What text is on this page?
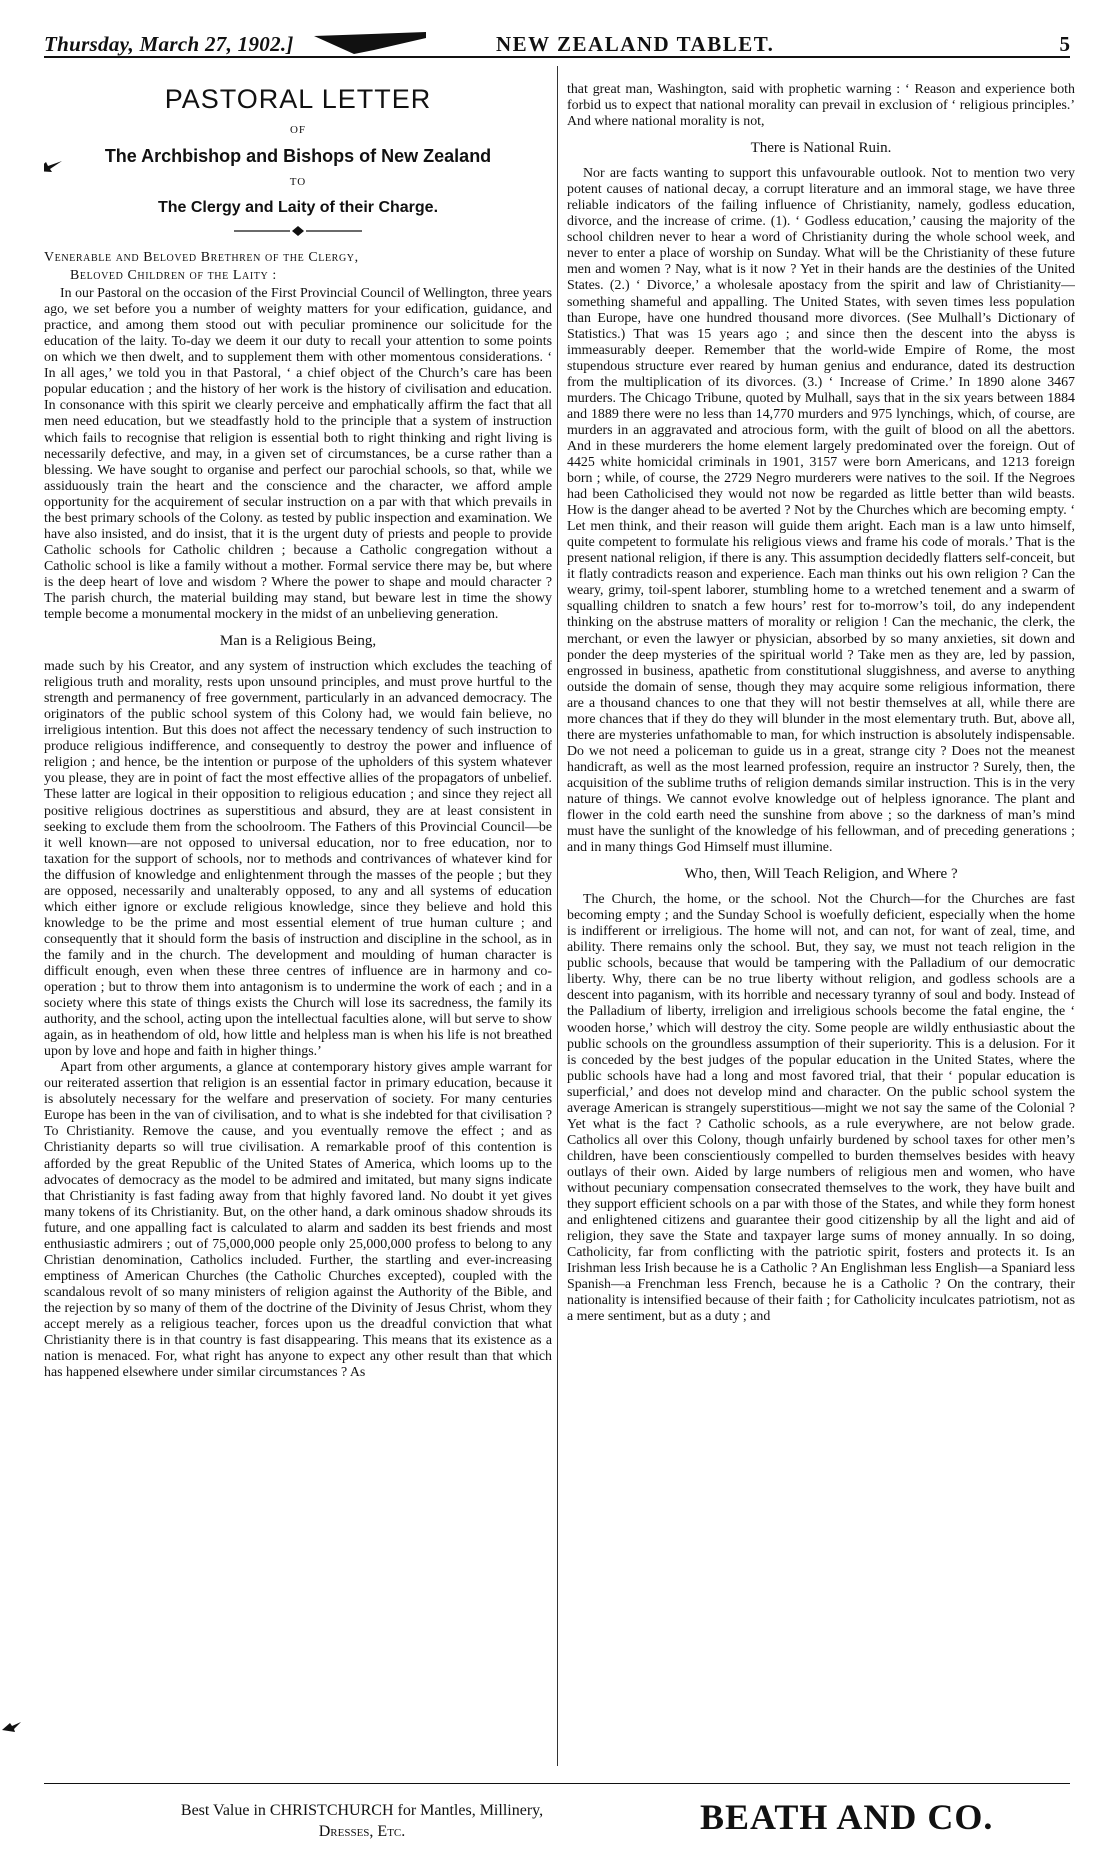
Thursday, March 27, 1902.]	NEW ZEALAND TABLET.	5
PASTORAL LETTER
OF
The Archbishop and Bishops of New Zealand
TO
The Clergy and Laity of their Charge.

Venerable and Beloved Brethren of the Clergy,

Beloved Children of the Laity :

In our Pastoral on the occasion of the First Provincial Council of Wellington, three years ago, we set before you a number of weighty matters for your edification, guidance, and practice, and among them stood out with peculiar prominence our solicitude for the education of the laity. To-day we deem it our duty to recall your attention to some points on which we then dwelt, and to supplement them with other momentous considerations. ‘ In all ages,’ we told you in that Pastoral, ‘ a chief object of the Church’s care has been popular education ; and the history of her work is the history of civilisation and education. In consonance with this spirit we clearly perceive and emphatically affirm the fact that all men need education, but we steadfastly hold to the principle that a system of instruction which fails to recognise that religion is essential both to right thinking and right living is necessarily defective, and may, in a given set of circumstances, be a curse rather than a blessing. We have sought to organise and perfect our parochial schools, so that, while we assiduously train the heart and the conscience and the character, we afford ample opportunity for the acquirement of secular instruction on a par with that which prevails in the best primary schools of the Colony. as tested by public inspection and examination. We have also insisted, and do insist, that it is the urgent duty of priests and people to provide Catholic schools for Catholic children ; because a Catholic congregation without a Catholic school is like a family without a mother. Formal service there may be, but where is the deep heart of love and wisdom ? Where the power to shape and mould character ? The parish church, the material building may stand, but beware lest in time the showy temple become a monumental mockery in the midst of an unbelieving generation.

Man is a Religious Being,

made such by his Creator, and any system of instruction which excludes the teaching of religious truth and morality, rests upon unsound principles, and must prove hurtful to the strength and permanency of free government, particularly in an advanced democracy. The originators of the public school system of this Colony had, we would fain believe, no irreligious intention. But this does not affect the necessary tendency of such instruction to produce religious indifference, and consequently to destroy the power and influence of religion ; and hence, be the intention or purpose of the upholders of this system whatever you please, they are in point of fact the most effective allies of the propagators of unbelief. These latter are logical in their opposition to religious education ; and since they reject all positive religious doctrines as superstitious and absurd, they are at least consistent in seeking to exclude them from the schoolroom. The Fathers of this Provincial Council—be it well known—are not opposed to universal education, nor to free education, nor to taxation for the support of schools, nor to methods and contrivances of whatever kind for the diffusion of knowledge and enlightenment through the masses of the people ; but they are opposed, necessarily and unalterably opposed, to any and all systems of education which either ignore or exclude religious knowledge, since they believe and hold this knowledge to be the prime and most essential element of true human culture ; and consequently that it should form the basis of instruction and discipline in the school, as in the family and in the church. The development and moulding of human character is difficult enough, even when these three centres of influence are in harmony and co-operation ; but to throw them into antagonism is to undermine the work of each ; and in a society where this state of things exists the Church will lose its sacredness, the family its authority, and the school, acting upon the intellectual faculties alone, will but serve to show again, as in heathendom of old, how little and helpless man is when his life is not breathed upon by love and hope and faith in higher things.’

Apart from other arguments, a glance at contemporary history gives ample warrant for our reiterated assertion that religion is an essential factor in primary education, because it is absolutely necessary for the welfare and preservation of society. For many centuries Europe has been in the van of civilisation, and to what is she indebted for that civilisation ? To Christianity. Remove the cause, and you eventually remove the effect ; and as Christianity departs so will true civilisation. A remarkable proof of this contention is afforded by the great Republic of the United States of America, which looms up to the advocates of democracy as the model to be admired and imitated, but many signs indicate that Christianity is fast fading away from that highly favored land. No doubt it yet gives many tokens of its Christianity. But, on the other hand, a dark ominous shadow shrouds its future, and one appalling fact is calculated to alarm and sadden its best friends and most enthusiastic admirers ; out of 75,000,000 people only 25,000,000 profess to belong to any Christian denomination, Catholics included. Further, the startling and ever-increasing emptiness of American Churches (the Catholic Churches excepted), coupled with the scandalous revolt of so many ministers of religion against the Authority of the Bible, and the rejection by so many of them of the doctrine of the Divinity of Jesus Christ, whom they accept merely as a religious teacher, forces upon us the dreadful conviction that what Christianity there is in that country is fast disappearing. This means that its existence as a nation is menaced. For, what right has anyone to expect any other result than that which has happened elsewhere under similar circumstances ? As

that great man, Washington, said with prophetic warning : ‘ Reason and experience both forbid us to expect that national morality can prevail in exclusion of ‘ religious principles.’ And where national morality is not,

There is National Ruin.

Nor are facts wanting to support this unfavourable outlook. Not to mention two very potent causes of national decay, a corrupt literature and an immoral stage, we have three reliable indicators of the failing influence of Christianity, namely, godless education, divorce, and the increase of crime. (1). ‘ Godless education,’ causing the majority of the school children never to hear a word of Christianity during the whole school week, and never to enter a place of worship on Sunday. What will be the Christianity of these future men and women ? Nay, what is it now ? Yet in their hands are the destinies of the United States. (2.) ‘ Divorce,’ a wholesale apostacy from the spirit and law of Christianity—something shameful and appalling. The United States, with seven times less population than Europe, have one hundred thousand more divorces. (See Mulhall’s Dictionary of Statistics.) That was 15 years ago ; and since then the descent into the abyss is immeasurably deeper. Remember that the world-wide Empire of Rome, the most stupendous structure ever reared by human genius and endurance, dated its destruction from the multiplication of its divorces. (3.) ‘ Increase of Crime.’ In 1890 alone 3467 murders. The Chicago Tribune, quoted by Mulhall, says that in the six years between 1884 and 1889 there were no less than 14,770 murders and 975 lynchings, which, of course, are murders in an aggravated and atrocious form, with the guilt of blood on all the abettors. And in these murderers the home element largely predominated over the foreign. Out of 4425 white homicidal criminals in 1901, 3157 were born Americans, and 1213 foreign born ; while, of course, the 2729 Negro murderers were natives to the soil. If the Negroes had been Catholicised they would not now be regarded as little better than wild beasts. How is the danger ahead to be averted ? Not by the Churches which are becoming empty. ‘ Let men think, and their reason will guide them aright. Each man is a law unto himself, quite competent to formulate his religious views and frame his code of morals.’ That is the present national religion, if there is any. This assumption decidedly flatters self-conceit, but it flatly contradicts reason and experience. Each man thinks out his own religion ? Can the weary, grimy, toil-spent laborer, stumbling home to a wretched tenement and a swarm of squalling children to snatch a few hours’ rest for to-morrow’s toil, do any independent thinking on the abstruse matters of morality or religion ! Can the mechanic, the clerk, the merchant, or even the lawyer or physician, absorbed by so many anxieties, sit down and ponder the deep mysteries of the spiritual world ? Take men as they are, led by passion, engrossed in business, apathetic from constitutional sluggishness, and averse to anything outside the domain of sense, though they may acquire some religious information, there are a thousand chances to one that they will not bestir themselves at all, while there are more chances that if they do they will blunder in the most elementary truth. But, above all, there are mysteries unfathomable to man, for which instruction is absolutely indispensable. Do we not need a policeman to guide us in a great, strange city ? Does not the meanest handicraft, as well as the most learned profession, require an instructor ? Surely, then, the acquisition of the sublime truths of religion demands similar instruction. This is in the very nature of things. We cannot evolve knowledge out of helpless ignorance. The plant and flower in the cold earth need the sunshine from above ; so the darkness of man’s mind must have the sunlight of the knowledge of his fellowman, and of preceding generations ; and in many things God Himself must illumine.

Who, then, Will Teach Religion, and Where ?

The Church, the home, or the school. Not the Church—for the Churches are fast becoming empty ; and the Sunday School is woefully deficient, especially when the home is indifferent or irreligious. The home will not, and can not, for want of zeal, time, and ability. There remains only the school. But, they say, we must not teach religion in the public schools, because that would be tampering with the Palladium of our democratic liberty. Why, there can be no true liberty without religion, and godless schools are a descent into paganism, with its horrible and necessary tyranny of soul and body. Instead of the Palladium of liberty, irreligion and irreligious schools become the fatal engine, the ‘ wooden horse,’ which will destroy the city. Some people are wildly enthusiastic about the public schools on the groundless assumption of their superiority. This is a delusion. For it is conceded by the best judges of the popular education in the United States, where the public schools have had a long and most favored trial, that their ‘ popular education is superficial,’ and does not develop mind and character. On the public school system the average American is strangely superstitious—might we not say the same of the Colonial ? Yet what is the fact ? Catholic schools, as a rule everywhere, are not below grade. Catholics all over this Colony, though unfairly burdened by school taxes for other men’s children, have been conscientiously compelled to burden themselves besides with heavy outlays of their own. Aided by large numbers of religious men and women, who have without pecuniary compensation consecrated themselves to the work, they have built and they support efficient schools on a par with those of the States, and while they form honest and enlightened citizens and guarantee their good citizenship by all the light and aid of religion, they save the State and taxpayer large sums of money annually. In so doing, Catholicity, far from conflicting with the patriotic spirit, fosters and protects it. Is an Irishman less Irish because he is a Catholic ? An Englishman less English—a Spaniard less Spanish—a Frenchman less French, because he is a Catholic ? On the contrary, their nationality is intensified because of their faith ; for Catholicity inculcates patriotism, not as a mere sentiment, but as a duty ; and

Best Value in CHRISTCHURCH for Mantles, Millinery,
Dresses, Etc.	BEATH AND CO.
